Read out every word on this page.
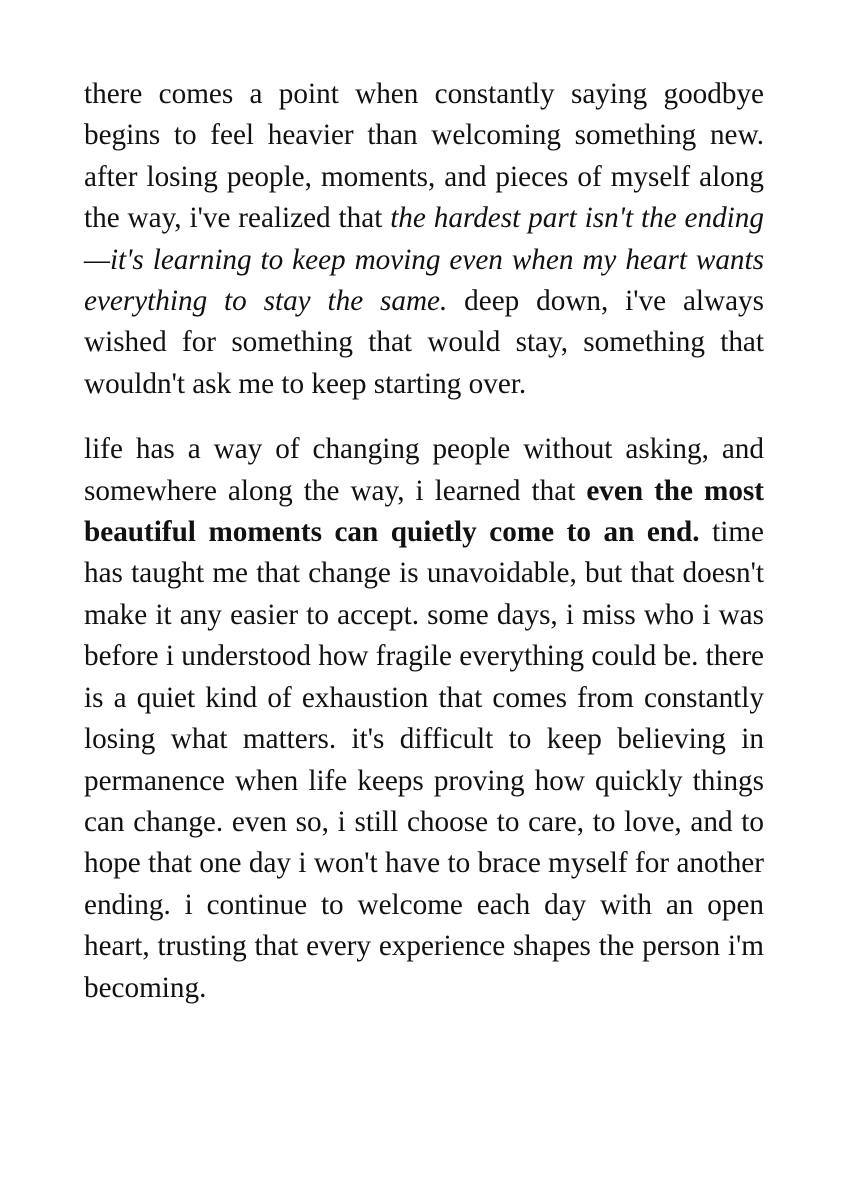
there comes a point when constantly saying goodbye begins to feel heavier than welcoming something new. after losing people, moments, and pieces of myself along the way, i've realized that the hardest part isn't the ending—it's learning to keep moving even when my heart wants everything to stay the same. deep down, i've always wished for something that would stay, something that wouldn't ask me to keep starting over.

life has a way of changing people without asking, and somewhere along the way, i learned that even the most beautiful moments can quietly come to an end. time has taught me that change is unavoidable, but that doesn't make it any easier to accept. some days, i miss who i was before i understood how fragile everything could be. there is a quiet kind of exhaustion that comes from constantly losing what matters. it's difficult to keep believing in permanence when life keeps proving how quickly things can change. even so, i still choose to care, to love, and to hope that one day i won't have to brace myself for another ending. i continue to welcome each day with an open heart, trusting that every experience shapes the person i'm becoming.
